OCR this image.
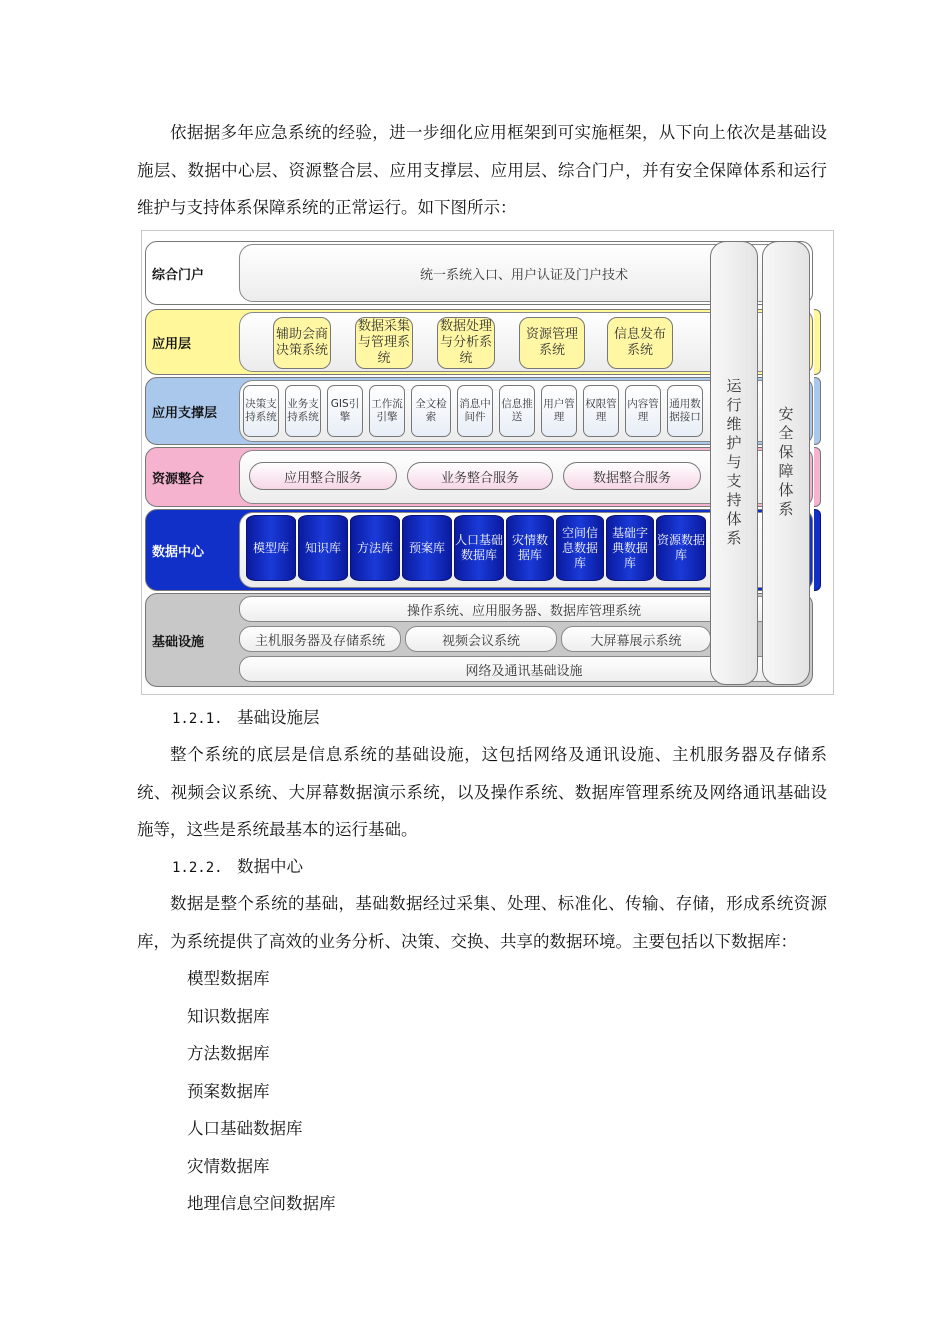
依据据多年应急系统的经验，进一步细化应用框架到可实施框架，从下向上依次是基础设施层、数据中心层、资源整合层、应用支撑层、应用层、综合门户，并有安全保障体系和运行维护与支持体系保障系统的正常运行。如下图所示：

综合门户	统一系统入口、用户认证及门户技术
应用层
辅助会商决策系统
数据采集与管理系统
数据处理与分析系统
资源管理系统
信息发布系统
应用支撑层
决策支持系统
业务支持系统
GIS引擎
工作流引擎
全文检索
消息中间件
信息推送
用户管理
权限管理
内容管理
通用数据接口
资源整合	应用整合服务	业务整合服务	数据整合服务
数据中心	模型库	知识库	方法库	预案库
人口基础数据库
灾情数据库
空间信息数据库
基础字典数据库
资源数据库
基础设施
操作系统、应用服务器、数据库管理系统
主机服务器及存储系统	视频会议系统	大屏幕展示系统
网络及通讯基础设施
运行维护与支持体系 安全保障体系
1.2.1. 基础设施层

整个系统的底层是信息系统的基础设施，这包括网络及通讯设施、主机服务器及存储系统、视频会议系统、大屏幕数据演示系统，以及操作系统、数据库管理系统及网络通讯基础设施等，这些是系统最基本的运行基础。

1.2.2. 数据中心

数据是整个系统的基础，基础数据经过采集、处理、标准化、传输、存储，形成系统资源库，为系统提供了高效的业务分析、决策、交换、共享的数据环境。主要包括以下数据库：

模型数据库
知识数据库
方法数据库
预案数据库
人口基础数据库
灾情数据库
地理信息空间数据库
